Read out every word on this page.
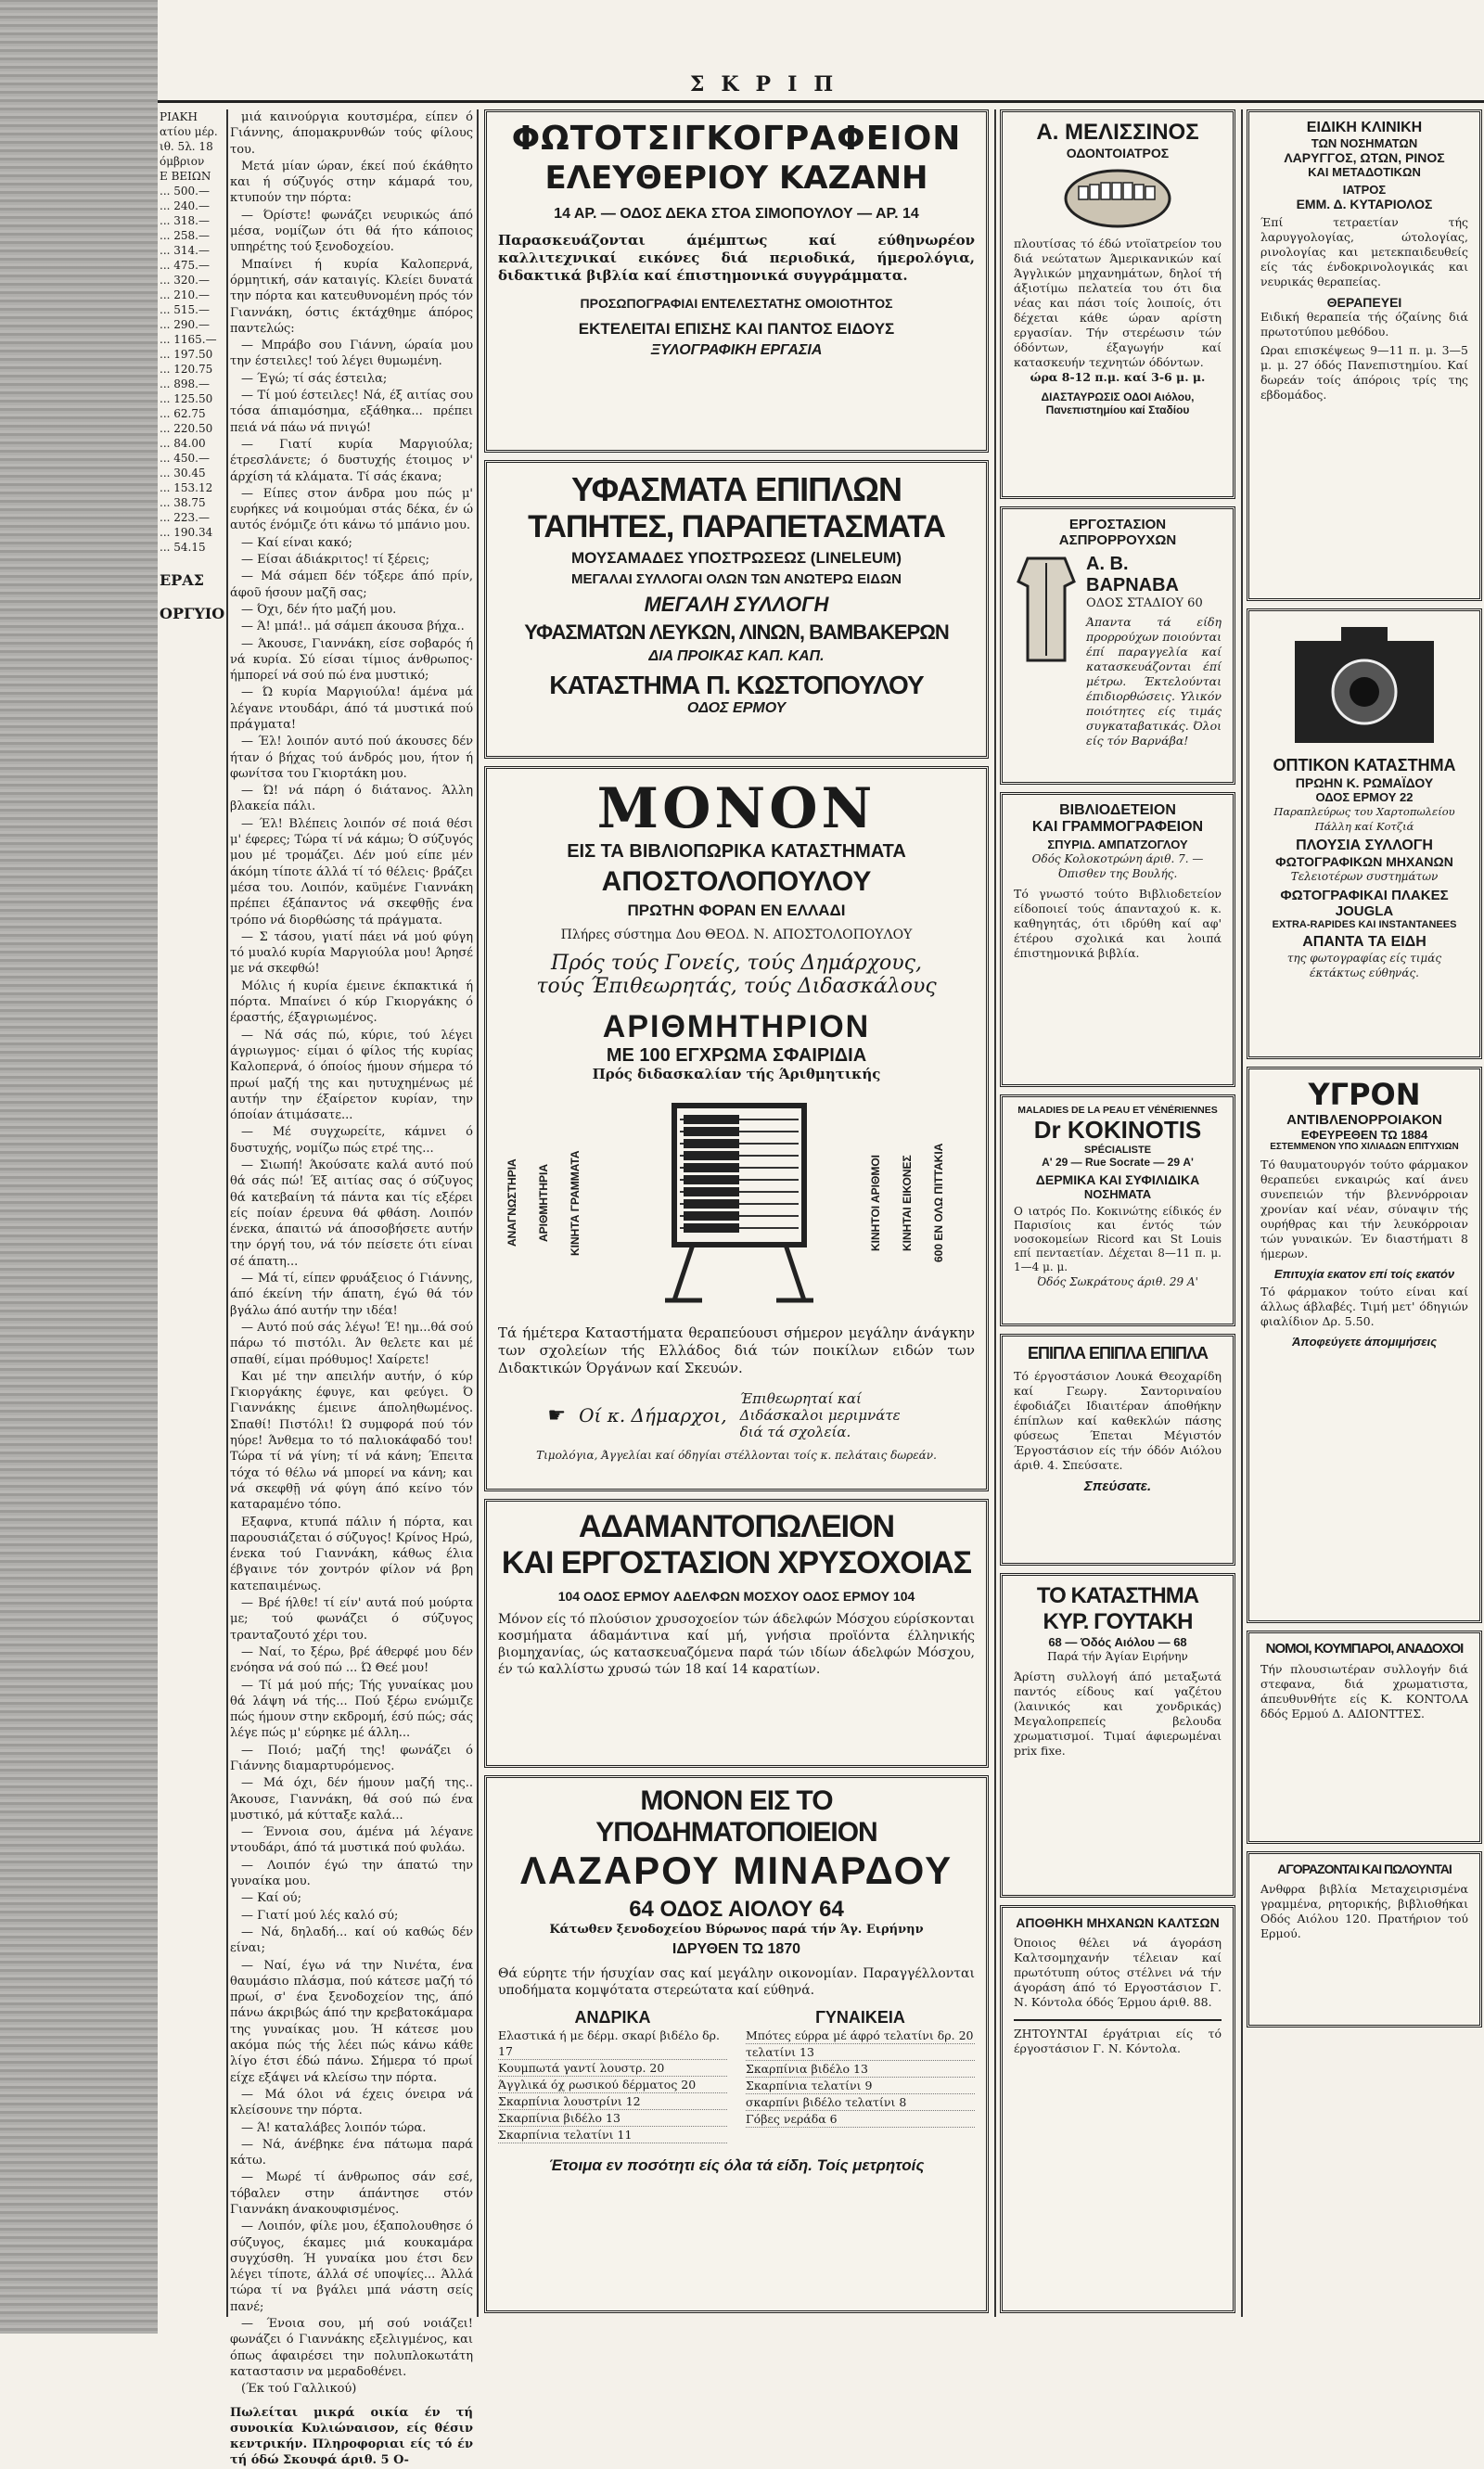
ΣΚΡΙΠ
ΡΙΑΚΗ
ατίου μέρ.
ιθ. 5λ. 18
όμβριον
Ε ΒΕΙΩΝ
... 500.—
... 240.—
... 318.—
... 258.—
... 314.—
... 475.—
... 320.—
... 210.—
... 515.—
... 290.—
... 1165.—
... 197.50
... 120.75
... 898.—
... 125.50
... 62.75
... 220.50
... 84.00
... 450.—
... 30.45
... 153.12
... 38.75
... 223.—
... 190.34
... 54.15
ΕΡΑΣ
ΟΡΓΥΙΟ

μιά καινούργια κουτσμέρα, είπεν ό Γιάννης, άπομακρυνθών τούς φίλους του.

Μετά μίαν ώραν, έκεί πού έκάθητο και ή σύζυγός στην κάμαρά του, κτυπούν την πόρτα:

— Όρίστε! φωνάζει νευρικώς άπό μέσα, νομίζων ότι θά ήτο κάποιος υπηρέτης τού ξενοδοχείου.

Μπαίνει ή κυρία Καλοπερνά, όρμητική, σάν καταιγίς. Κλείει δυνατά την πόρτα και κατευθυνομένη πρός τόν Γιαννάκη, όστις έκτάχθημε άπόρος παντελώς:

— Μπράβο σου Γιάννη, ώραία μου την έστειλες! τού λέγει θυμωμένη.

— Έγώ; τί σάς έστειλα;

— Τί μού έστειλες! Νά, έξ αιτίας σου τόσα άπιαμόσημα, εξάθηκα... πρέπει πειά νά πάω νά πνιγώ!

— Γιατί κυρία Μαργιούλα; έτρεσλάνετε; ό δυστυχής έτοιμος ν' άρχίση τά κλάματα. Τί σάς έκανα;

— Είπες στον άνδρα μου πώς μ' ευρήκες νά κοιμούμαι στάς δέκα, έν ώ αυτός ένόμιζε ότι κάνω τό μπάνιο μου.

— Καί είναι κακό;

— Είσαι άδιάκριτος! τί ξέρεις;

— Μά σάμεπ δέν τόξερε άπό πρίν, άφοῦ ήσουν μαζῆ σας;

— Όχι, δέν ήτο μαζή μου.

— Ά! μπά!.. μά σάμεπ άκουσα βήχα..

— Άκουσε, Γιαννάκη, είσε σοβαρός ή νά κυρία. Σύ είσαι τίμιος άνθρωπος· ήμπορεί νά σού πώ ένα μυστικό;

— Ώ κυρία Μαργιούλα! άμένα μά λέγανε ντουδάρι, άπό τά μυστικά πού πράγματα!

— Έλ! λοιπόν αυτό πού άκουσες δέν ήταν ό βήχας τού άνδρός μου, ήτον ή φωνίτσα του Γκιορτάκη μου.

— Ώ! νά πάρη ό διάτανος. Άλλη βλακεία πάλι.

— Έλ! Βλέπεις λοιπόν σέ ποιά θέσι μ' έφερες; Τώρα τί νά κάμω; Ό σύζυγός μου μέ τρομάζει. Δέν μού είπε μέν άκόμη τίποτε άλλά τί τό θέλεις· βράζει μέσα του. Λοιπόν, καϋμένε Γιαννάκη πρέπει έξάπαντος νά σκεφθῇς ένα τρόπο νά διορθώσης τά πράγματα.

— Σ τάσου, γιατί πάει νά μού φύγη τό μυαλό κυρία Μαργιούλα μου! Άρησέ με νά σκεφθώ!

Μόλις ή κυρία έμεινε έκπακτικά ή πόρτα. Μπαίνει ό κύρ Γκιοργάκης ό έραστής, έξαγριωμένος.

— Νά σάς πώ, κύριε, τού λέγει άγριωγμος· είμαι ό φίλος τής κυρίας Καλοπερνά, ό όποίος ήμουν σήμερα τό πρωί μαζή της και ηυτυχημένως μέ αυτήν την έξαίρετον κυρίαν, την όποίαν άτιμάσατε...

— Μέ συγχωρείτε, κάμνει ό δυστυχής, νομίζω πώς ετρέ της...

— Σιωπή! Άκούσατε καλά αυτό πού θά σάς πώ! Έξ αιτίας σας ό σύζυγος θά κατεβαίνη τά πάντα και τίς εξέρει είς ποίαν έρευνα θά φθάση. Λοιπόν ένεκα, άπαιτώ νά άποσοβήσετε αυτήν την όργή του, νά τόν πείσετε ότι είναι σέ άπατη...

— Μά τί, είπεν φρυάξειος ό Γιάννης, άπό έκείνη τήν άπατη, έγώ θά τόν βγάλω άπό αυτήν την ιδέα!

— Αυτό πού σάς λέγω! Έ! ημ...θά σού πάρω τό πιστόλι. Άν θελετε και μέ σπαθί, είμαι πρόθυμος! Χαίρετε!

Και μέ την απειλήν αυτήν, ό κύρ Γκιοργάκης έφυγε, και φεύγει. Ό Γιαννάκης έμεινε άποληθωμένος. Σπαθί! Πιστόλι! Ώ συμφορά πού τόν ηύρε! Άνθεμα το τό παλιοκάφαδό του! Τώρα τί νά γίνη; τί νά κάνη; Έπειτα τόχα τό θέλω νά μπορεί να κάνη; και νά σκεφθῇ νά φύγη άπό κείνο τόν καταραμένο τόπο.

Εξαφνα, κτυπά πάλιν ή πόρτα, και παρουσιάζεται ό σύζυγος! Κρίνος Ηρώ, ένεκα τού Γιαννάκη, κάθως έλια έβγαινε τόν χοντρόν φίλον νά βρη κατεπαιμένως.

— Βρέ ήλθε! τί είν' αυτά πού μούρτα με; τού φωνάζει ό σύζυγος τρανταζουτό χέρι του.

— Ναί, το ξέρω, βρέ άθερφέ μου δέν ενόησα νά σού πώ ... Ώ Θεέ μου!

— Τί μά μού πής; Τής γυναίκας μου θά λάψη νά τής... Πού ξέρω ενώμιζε πώς ήμουν στην εκδρομή, έσύ πώς; σάς λέγε πώς μ' εύρηκε μέ άλλη...

— Ποιό; μαζή της! φωνάζει ό Γιάννης διαμαρτυρόμενος.

— Μά όχι, δέν ήμουν μαζή της.. Άκουσε, Γιαννάκη, θά σού πώ ένα μυστικό, μά κύτταξε καλά...

— Έννοια σου, άμένα μά λέγανε ντουδάρι, άπό τά μυστικά πού φυλάω.

— Λοιπόν έγώ την άπατώ την γυναίκα μου.

— Καί ού;

— Γιατί μού λές καλό σύ;

— Νά, δηλαδή... καί ού καθώς δέν είναι;

— Ναί, έγω νά την Νινέτα, ένα θαυμάσιο πλάσμα, πού κάτεσε μαζή τό πρωί, σ' ένα ξενοδοχείον της, άπό πάνω άκριβώς άπό την κρεβατοκάμαρα της γυναίκας μου. Ή κάτεσε μου ακόμα πώς τής λέει πώς κάνω κάθε λίγο έτσι έδώ πάνω. Σήμερα τό πρωί είχε εξάψει νά κλείσω την πόρτα.

— Μά όλοι νά έχεις όνειρα νά κλείσουνε την πόρτα.

— Ά! καταλάβες λοιπόν τώρα.

— Νά, άνέβηκε ένα πάτωμα παρά κάτω.

— Μωρέ τί άνθρωπος σάν εσέ, τόβαλεν στην άπάντησε στόν Γιαννάκη άνακουφισμένος.

— Λοιπόν, φίλε μου, έξαπολουθησε ό σύζυγος, έκαμες μιά κουκαμάρα συγχύσθη. Ή γυναίκα μου έτσι δεν λέγει τίποτε, άλλά σέ υποψίες... Άλλά τώρα τί να βγάλει μπά νάστη σείς πανέ;

— Ένοια σου, μή σού νοιάζει! φωνάζει ό Γιαννάκης εξελιγμένος, και όπως άφαιρέσει την πολυπλοκωτάτη καταστασιν να μεραδοθένει.

(Έκ τού Γαλλικού)

Πωλείται μικρά οικία έν τή συνοικία Κυλιώναισον, είς θέσιν κεντρικήν. Πληροφοριαι είς τό έν τή όδώ Σκουφά άριθ. 5 Ο-

ΦΩΤΟΤΣΙΓΚΟΓΡΑΦΕΙΟΝ
ΕΛΕΥΘΕΡΙΟΥ ΚΑΖΑΝΗ
14 ΑΡ. — ΟΔΟΣ ΔΕΚΑ ΣΤΟΑ ΣΙΜΟΠΟΥΛΟΥ — ΑΡ. 14
Παρασκευάζονται άμέμπτως καί εύθηνωρέον καλλιτεχνικαί εικόνες διά περιοδικά, ήμερολόγια, διδακτικά βιβλία καί έπιστημονικά συγγράμματα.
ΠΡΟΣΩΠΟΓΡΑΦΙΑΙ ΕΝΤΕΛΕΣΤΑΤΗΣ ΟΜΟΙΟΤΗΤΟΣ
ΕΚΤΕΛΕΙΤΑΙ ΕΠΙΣΗΣ ΚΑΙ ΠΑΝΤΟΣ ΕΙΔΟΥΣ
ΞΥΛΟΓΡΑΦΙΚΗ ΕΡΓΑΣΙΑ
ΥΦΑΣΜΑΤΑ ΕΠΙΠΛΩΝ
ΤΑΠΗΤΕΣ, ΠΑΡΑΠΕΤΑΣΜΑΤΑ
ΜΟΥΣΑΜΑΔΕΣ ΥΠΟΣΤΡΩΣΕΩΣ (LINELEUM)
ΜΕΓΑΛΑΙ ΣΥΛΛΟΓΑΙ ΟΛΩΝ ΤΩΝ ΑΝΩΤΕΡΩ ΕΙΔΩΝ
ΜΕΓΑΛΗ ΣΥΛΛΟΓΗ
ΥΦΑΣΜΑΤΩΝ ΛΕΥΚΩΝ, ΛΙΝΩΝ, ΒΑΜΒΑΚΕΡΩΝ
ΔΙΑ ΠΡΟΙΚΑΣ ΚΑΠ. ΚΑΠ.
ΚΑΤΑΣΤΗΜΑ Π. ΚΩΣΤΟΠΟΥΛΟΥ
ΟΔΟΣ ΕΡΜΟΥ
ΜΟΝΟΝ
ΕΙΣ ΤΑ ΒΙΒΛΙΟΠΩΡΙΚΑ ΚΑΤΑΣΤΗΜΑΤΑ
ΑΠΟΣΤΟΛΟΠΟΥΛΟΥ
ΠΡΩΤΗΝ ΦΟΡΑΝ ΕΝ ΕΛΛΑΔΙ
Πλήρες σύστημα Δου ΘΕΟΔ. Ν. ΑΠΟΣΤΟΛΟΠΟΥΛΟΥ
Πρός τούς Γονείς, τούς Δημάρχους,
τούς Έπιθεωρητάς, τούς Διδασκάλους
ΑΡΙΘΜΗΤΗΡΙΟΝ
ΜΕ 100 ΕΓΧΡΩΜΑ ΣΦΑΙΡΙΔΙΑ
Πρός διδασκαλίαν τής Άριθμητικής
ΑΝΑΓΝΩΣΤΗΡΙΑ	ΑΡΙΘΜΗΤΗΡΙΑ	ΚΙΝΗΤΑ ΓΡΑΜΜΑΤΑ	ΚΙΝΗΤΟΙ ΑΡΙΘΜΟΙ	ΚΙΝΗΤΑΙ ΕΙΚΟΝΕΣ	600 ΕΝ ΟΛΩ ΠΙΤΤΑΚΙΑ
Τά ήμέτερα Καταστήματα θεραπεύουσι σήμερον μεγάλην άνάγκην των σχολείων τής Ελλάδος διά τών ποικίλων ειδών των Διδακτικών Όργάνων καί Σκευών.
☛ Οί κ. Δήμαρχοι,
Έπιθεωρηταί καί Διδάσκαλοι μεριμνάτε διά τά σχολεία.
Τιμολόγια, Άγγελίαι καί όδηγίαι στέλλονται τοίς κ. πελάταις δωρεάν.
ΑΔΑΜΑΝΤΟΠΩΛΕΙΟΝ
ΚΑΙ ΕΡΓΟΣΤΑΣΙΟΝ ΧΡΥΣΟΧΟΙΑΣ
104 ΟΔΟΣ ΕΡΜΟΥ ΑΔΕΛΦΩΝ ΜΟΣΧΟΥ ΟΔΟΣ ΕΡΜΟΥ 104
Μόνον είς τό πλούσιον χρυσοχοείον τών άδελφών Μόσχου εύρίσκονται κοσμήματα άδαμάντινα καί μή, γνήσια προϊόντα έλληνικής βιομηχανίας, ώς κατασκευαζόμενα παρά τών ιδίων άδελφών Μόσχου, έν τώ καλλίστω χρυσώ τών 18 καί 14 καρατίων.
ΜΟΝΟΝ ΕΙΣ ΤΟ ΥΠΟΔΗΜΑΤΟΠΟΙΕΙΟΝ
ΛΑΖΑΡΟΥ ΜΙΝΑΡΔΟΥ
64 ΟΔΟΣ ΑΙΟΛΟΥ 64
Κάτωθεν ξενοδοχείου Βύρωνος παρά τήν Άγ. Ειρήνην
ΙΔΡΥΘΕΝ ΤΩ 1870
Θά εύρητε τήν ήσυχίαν σας καί μεγάλην οικονομίαν. Παραγγέλλονται υποδήματα κομψότατα στερεώτατα καί εύθηνά.
ΑΝΔΡΙΚΑ
Ελαστικά ή με δέρμ. σκαρί βιδέλο δρ. 17
Κουμπωτά γαντί λουστρ. 20
Άγγλικά όχ ρωσικού δέρματος 20
Σκαρπίνια λουστρίνι 12
Σκαρπίνια βιδέλο 13
Σκαρπίνια τελατίνι 11
ΓΥΝΑΙΚΕΙΑ
Μπότες εύρρα μέ άφρό τελατίνι δρ. 20
τελατίνι 13
Σκαρπίνια βιδέλο 13
Σκαρπίνια τελατίνι 9
σκαρπίνι βιδέλο τελατίνι 8
Γόβες νεράδα 6
Έτοιμα εν ποσότητι είς όλα τά είδη. Τοίς μετρητοίς
Α. ΜΕΛΙΣΣΙΝΟΣ
ΟΔΟΝΤΟΙΑΤΡΟΣ
πλουτίσας τό έδώ ντοϊατρείον του διά νεώτατων Άμερικανικών καί Άγγλικών μηχανημάτων, δηλοί τή άξιοτίμω πελατεία του ότι δια νέας και πάσι τοίς λοιποίς, ότι δέχεται κάθε ώραν αρίστη εργασίαν. Τήν στερέωσιν τών όδόντων, έξαγωγήν καί κατασκευήν τεχνητών όδόντων.
ώρα 8-12 π.μ. καί 3-6 μ. μ.
ΔΙΑΣΤΑΥΡΩΣΙΣ ΟΔΟΙ Αιόλου, Πανεπιστημίου καί Σταδίου
ΕΡΓΟΣΤΑΣΙΟΝ ΑΣΠΡΟΡΡΟΥΧΩΝ
Α. Β. ΒΑΡΝΑΒΑ
ΟΔΟΣ ΣΤΑΔΙΟΥ 60
Άπαντα τά είδη προρρούχων ποιούνται έπί παραγγελία καί κατασκευάζονται έπί μέτρω. Έκτελούνται έπιδιορθώσεις. Υλικόν ποιότητες είς τιμάς συγκαταβατικάς. Όλοι είς τόν Βαρνάβα!
ΒΙΒΛΙΟΔΕΤΕΙΟΝ
ΚΑΙ ΓΡΑΜΜΟΓΡΑΦΕΙΟΝ
ΣΠΥΡΙΔ. ΑΜΠΑΤΖΟΓΛΟΥ
Οδός Κολοκοτρώνη άριθ. 7. — Όπισθεν της Βουλής.
Τό γνωστό τούτο Βιβλιοδετείον είδοποιεί τούς άπανταχού κ. κ. καθηγητάς, ότι ιδρύθη καί αφ' έτέρου σχολικά και λοιπά έπιστημονικά βιβλία.
MALADIES DE LA PEAU ET VÉNÉRIENNES
Dr KOKINOTIS
SPÉCIALISTE
Α' 29 — Rue Socrate — 29 Α'
ΔΕΡΜΙΚΑ ΚΑΙ ΣΥΦΙΛΙΔΙΚΑ
ΝΟΣΗΜΑΤΑ
Ο ιατρός Πο. Κοκινώτης είδικός έν Παρισίοις και έντός τών νοσοκομείων Ricord και St Louis επί πενταετίαν. Δέχεται 8—11 π. μ. 1—4 μ. μ.
Όδός Σωκράτους άριθ. 29 Α'
ΕΠΙΠΛΑ ΕΠΙΠΛΑ ΕΠΙΠΛΑ
Τό έργοστάσιον Λουκά Θεοχαρίδη καί Γεωργ. Σαντοριναίου έφοδιάζει Ιδιαιτέραν άποθήκην έπίπλων καί καθεκλών πάσης φύσεως Έπεται Μέγιστόν Έργοστάσιον είς τήν όδόν Αιόλου άριθ. 4. Σπεύσατε.
Σπεύσατε.
ΤΟ ΚΑΤΑΣΤΗΜΑ
ΚΥΡ. ΓΟΥΤΑΚΗ
68 — Όδός Αιόλου — 68
Παρά τήν Άγίαν Ειρήνην
Άρίστη συλλογή άπό μεταξωτά παντός είδους καί γαζέτου (λαινικός και χονδρικάς) Μεγαλοπρεπείς βελουδα χρωματισμοί. Τιμαί άφιερωμέναι prix fixe.
ΑΠΟΘΗΚΗ ΜΗΧΑΝΩΝ ΚΑΛΤΣΩΝ
Όποιος θέλει νά άγοράση Καλτσομηχανήν τέλειαν καί πρωτότυπη ούτος στέλνει νά τήν άγοράση άπό τό Εργοστάσιον Γ. Ν. Κόντολα όδός Έρμου άριθ. 88.
ΖΗΤΟΥΝΤΑΙ έργάτριαι είς τό έργοστάσιον Γ. Ν. Κόντολα.
ΕΙΔΙΚΗ ΚΛΙΝΙΚΗ
ΤΩΝ ΝΟΣΗΜΑΤΩΝ
ΛΑΡΥΓΓΟΣ, ΩΤΩΝ, ΡΙΝΟΣ
ΚΑΙ ΜΕΤΑΔΟΤΙΚΩΝ
ΙΑΤΡΟΣ
ΕΜΜ. Δ. ΚΥΤΑΡΙΟΛΟΣ
Έπί τετραετίαν τής λαρυγγολογίας, ώτολογίας, ρινολογίας και μετεκπαιδευθείς είς τάς ένδοκρινολογικάς και νευρικάς θεραπείας.
ΘΕΡΑΠΕΥΕΙ
Ειδική θεραπεία τής όζαίνης διά πρωτοτύπου μεθόδου.
Ωραι επισκέψεως 9—11 π. μ. 3—5 μ. μ. 27 όδός Πανεπιστημίου. Καί δωρεάν τοίς άπόροις τρίς της εβδομάδος.
ΟΠΤΙΚΟΝ ΚΑΤΑΣΤΗΜΑ
ΠΡΩΗΝ Κ. ΡΩΜΑΪΔΟΥ
ΟΔΟΣ ΕΡΜΟΥ 22
Παραπλεύρως του Χαρτοπωλείου Πάλλη καί Κοτζιά
ΠΛΟΥΣΙΑ ΣΥΛΛΟΓΗ
ΦΩΤΟΓΡΑΦΙΚΩΝ ΜΗΧΑΝΩΝ
Τελειοτέρων συστημάτων
ΦΩΤΟΓΡΑΦΙΚΑΙ ΠΛΑΚΕΣ
JOUGLA
EXTRA-RAPIDES KAI INSTANTANEES
ΑΠΑΝΤΑ ΤΑ ΕΙΔΗ
της φωτογραφίας είς τιμάς έκτάκτως εύθηνάς.
ΥΓΡΟΝ
ΑΝΤΙΒΛΕΝΟΡΡΟΙΑΚΟΝ
ΕΦΕΥΡΕΘΕΝ ΤΩ 1884
ΕΣΤΕΜΜΕΝΟΝ ΥΠΟ ΧΙΛΙΑΔΩΝ ΕΠΙΤΥΧΙΩΝ
Τό θαυματουργόν τούτο φάρμακον θεραπεύει ενκαιρώς καί άνευ συνεπειών τήν βλεννόρροιαν χρονίαν καί νέαν, σύναψιν τής ουρήθρας και τήν λευκόρροιαν τών γυναικών. Έν διαστήματι 8 ήμερων.
Επιτυχία εκατον επί τοίς εκατόν
Τό φάρμακον τούτο είναι καί άλλως άβλαβές. Τιμή μετ' όδηγιών φιαλίδιον Δρ. 5.50.
Άποφεύγετε άπομιμήσεις
ΝΟΜΟΙ, ΚΟΥΜΠΑΡΟΙ, ΑΝΑΔΟΧΟΙ
Τήν πλουσιωτέραν συλλογήν διά στεφανα, διά χρωματιστα, άπευθυνθήτε είς Κ. ΚΟΝΤΟΛΑ δδός Ερμού Δ. ΑΔΙΟΝΤΤΕΣ.
ΑΓΟΡΑΖΟΝΤΑΙ ΚΑΙ ΠΩΛΟΥΝΤΑΙ
Ανθφρα βιβλία Μεταχειρισμένα γραμμένα, ρητορικής, βιβλιοθήκαι Οδός Αιόλου 120. Πρατήριον τού Ερμού.
